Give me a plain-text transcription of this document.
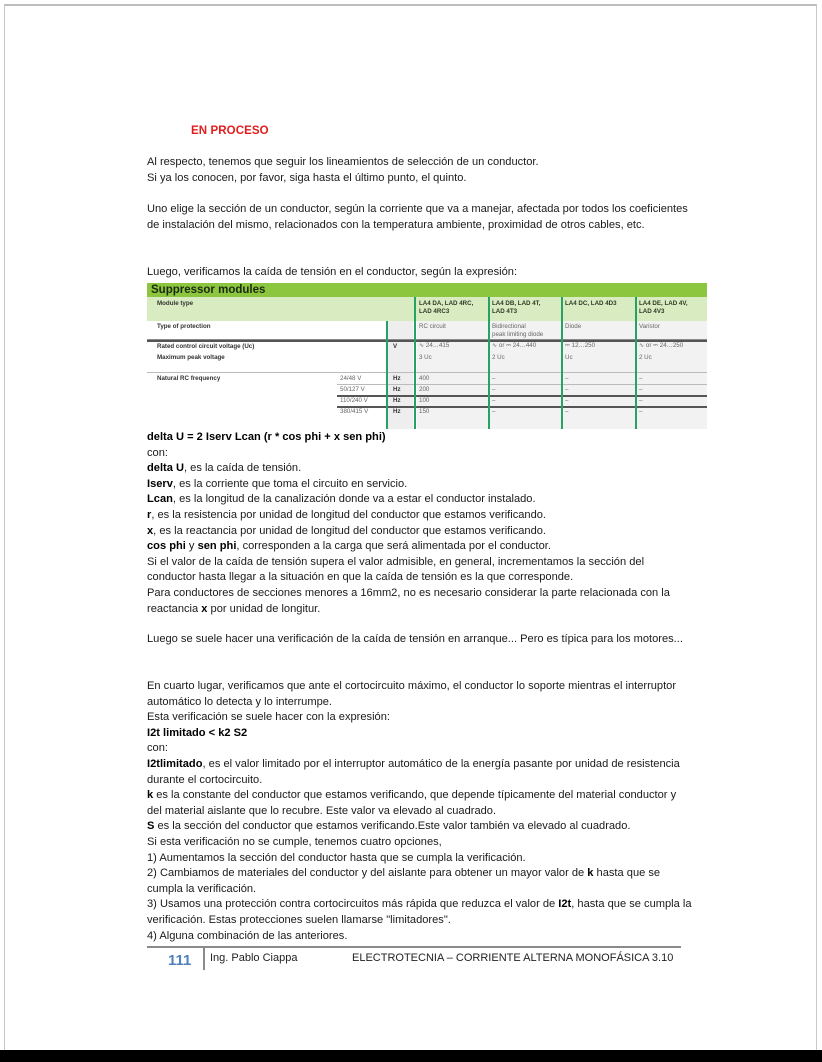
EN PROCESO
Al respecto, tenemos que seguir los lineamientos de selección de un conductor.
Si ya los conocen, por favor, siga hasta el último punto, el quinto.
Uno elige la sección de un conductor, según la corriente que va a manejar, afectada por todos los coeficientes de instalación del mismo, relacionados con la temperatura ambiente, proximidad de otros cables, etc.
Luego, verificamos la caída de tensión en el conductor, según la expresión:
Suppressor modules
Module type
Type of protection
Rated control circuit voltage (Uc)
Maximum peak voltage
Natural RC frequency
V
24/48 V
50/127 V
110/240 V
380/415 V
Hz
Hz
Hz
Hz
LA4 DA, LAD 4RC,
LAD 4RC3
RC circuit
∿ 24…415
3 Uc
400
200
100
150
LA4 DB, LAD 4T,
LAD 4T3
Bidirectional
peak limiting diode
∿ or ⎓ 24…440
2 Uc
–
–
–
–
LA4 DC, LAD 4D3
Diode
⎓ 12…250
Uc
–
–
–
–
LA4 DE, LAD 4V,
LAD 4V3
Varistor
∿ or ⎓ 24…250
2 Uc
–
–
–
–
delta U = 2 Iserv Lcan (r * cos phi + x sen phi)
con:
delta U, es la caída de tensión.
Iserv, es la corriente que toma el circuito en servicio.
Lcan, es la longitud de la canalización donde va a estar el conductor instalado.
r, es la resistencia por unidad de longitud del conductor que estamos verificando.
x, es la reactancia por unidad de longitud del conductor que estamos verificando.
cos phi y sen phi, corresponden a la carga que será alimentada por el conductor.
Si el valor de la caída de tensión supera el valor admisible, en general, incrementamos la sección del conductor hasta llegar a la situación en que la caída de tensión es la que corresponde.
Para conductores de secciones menores a 16mm2, no es necesario considerar la parte relacionada con la reactancia x por unidad de longitur.
Luego se suele hacer una verificación de la caída de tensión en arranque... Pero es típica para los motores...
En cuarto lugar, verificamos que ante el cortocircuito máximo, el conductor lo soporte mientras el interruptor automático lo detecta y lo interrumpe.
Esta verificación se suele hacer con la expresión:
I2t limitado < k2 S2
con:
I2tlimitado, es el valor limitado por el interruptor automático de la energía pasante por unidad de resistencia durante el cortocircuito.
k es la constante del conductor que estamos verificando, que depende típicamente del material conductor y del material aislante que lo recubre. Este valor va elevado al cuadrado.
S es la sección del conductor que estamos verificando.Este valor también va elevado al cuadrado.
Si esta verificación no se cumple, tenemos cuatro opciones,
1) Aumentamos la sección del conductor hasta que se cumpla la verificación.
2) Cambiamos de materiales del conductor y del aislante para obtener un mayor valor de k hasta que se cumpla la verificación.
3) Usamos una protección contra cortocircuitos más rápida que reduzca el valor de I2t, hasta que se cumpla la verificación. Estas protecciones suelen llamarse "limitadores".
4) Alguna combinación de las anteriores.
111 Ing. Pablo Ciappa	ELECTROTECNIA – CORRIENTE ALTERNA MONOFÁSICA 3.10
